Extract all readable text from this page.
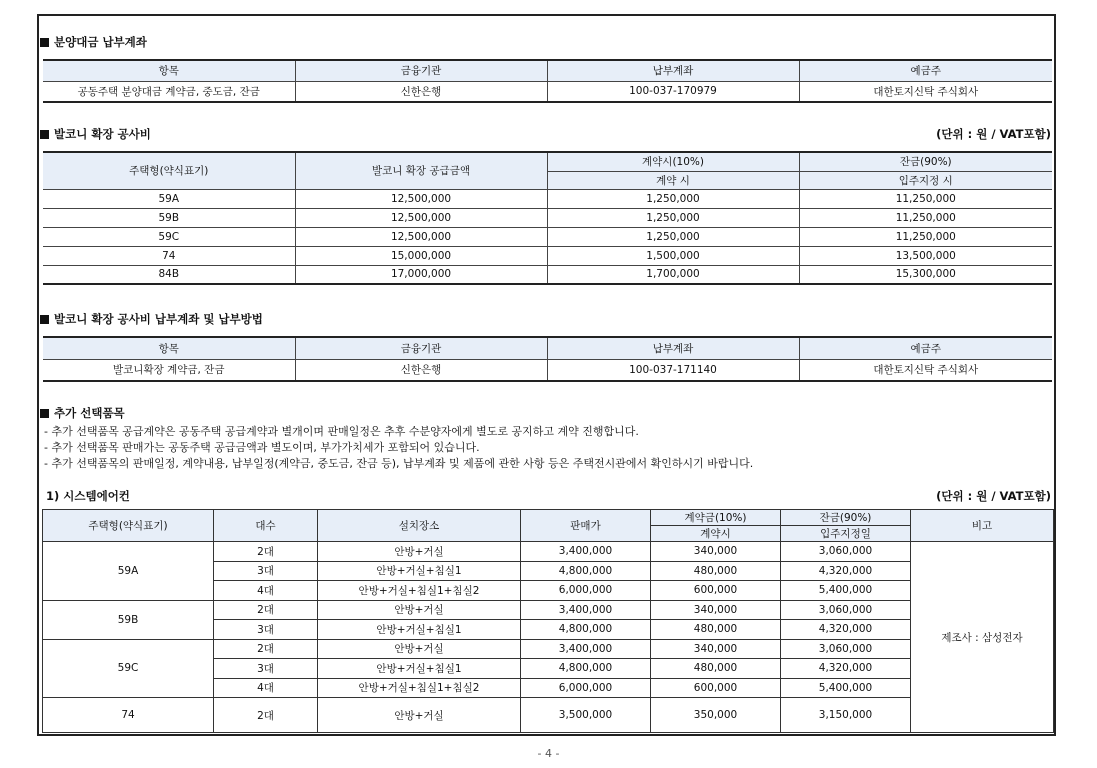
분양대금 납부계좌
항목	금융기관	납부계좌	예금주
공동주택 분양대금 계약금, 중도금, 잔금	신한은행	100-037-170979	대한토지신탁 주식회사
발코니 확장 공사비	(단위 : 원 / VAT포함)
주택형(약식표기)	발코니 확장 공급금액	계약시(10%)	잔금(90%)
		계약 시	입주지정 시
59A	12,500,000	1,250,000	11,250,000
59B	12,500,000	1,250,000	11,250,000
59C	12,500,000	1,250,000	11,250,000
74	15,000,000	1,500,000	13,500,000
84B	17,000,000	1,700,000	15,300,000
발코니 확장 공사비 납부계좌 및 납부방법
항목	금융기관	납부계좌	예금주
발코니확장 계약금, 잔금	신한은행	100-037-171140	대한토지신탁 주식회사
추가 선택품목
- 추가 선택품목 공급계약은 공동주택 공급계약과 별개이며 판매일정은 추후 수분양자에게 별도로 공지하고 계약 진행합니다.
- 추가 선택품목 판매가는 공동주택 공급금액과 별도이며, 부가가치세가 포함되어 있습니다.
- 추가 선택품목의 판매일정, 계약내용, 납부일정(계약금, 중도금, 잔금 등), 납부계좌 및 제품에 관한 사항 등은 주택전시관에서 확인하시기 바랍니다.
1) 시스템에어컨	(단위 : 원 / VAT포함)
주택형(약식표기)	대수	설치장소	판매가	계약금(10%)	잔금(90%)	비고
				계약시	입주지정일	
59A	2대	안방+거실	3,400,000	340,000	3,060,000	제조사 : 삼성전자
	3대	안방+거실+침실1	4,800,000	480,000	4,320,000	
	4대	안방+거실+침실1+침실2	6,000,000	600,000	5,400,000	
59B	2대	안방+거실	3,400,000	340,000	3,060,000	
	3대	안방+거실+침실1	4,800,000	480,000	4,320,000	
59C	2대	안방+거실	3,400,000	340,000	3,060,000	
	3대	안방+거실+침실1	4,800,000	480,000	4,320,000	
	4대	안방+거실+침실1+침실2	6,000,000	600,000	5,400,000	
74	2대	안방+거실	3,500,000	350,000	3,150,000	
- 4 -
